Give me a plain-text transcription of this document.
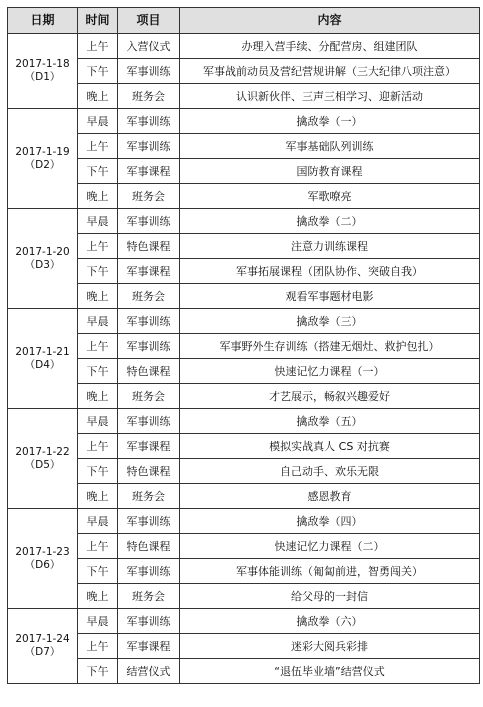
日期	时间	项目	内容

2017-1-18
（D1）	上午	入营仪式	办理入营手续、分配营房、组建团队
	下午	军事训练	军事战前动员及营纪营规讲解（三大纪律八项注意）
	晚上	班务会	认识新伙伴、三声三相学习、迎新活动

2017-1-19
（D2）	早晨	军事训练	擒敌拳（一）
	上午	军事训练	军事基础队列训练
	下午	军事课程	国防教育课程
	晚上	班务会	军歌嘹亮

2017-1-20
（D3）	早晨	军事训练	擒敌拳（二）
	上午	特色课程	注意力训练课程
	下午	军事课程	军事拓展课程（团队协作、突破自我）
	晚上	班务会	观看军事题材电影

2017-1-21
（D4）	早晨	军事训练	擒敌拳（三）
	上午	军事训练	军事野外生存训练（搭建无烟灶、救护包扎）
	下午	特色课程	快速记忆力课程（一）
	晚上	班务会	才艺展示，畅叙兴趣爱好

2017-1-22
（D5）	早晨	军事训练	擒敌拳（五）
	上午	军事课程	模拟实战真人 CS 对抗赛
	下午	特色课程	自己动手、欢乐无限
	晚上	班务会	感恩教育

2017-1-23
（D6）	早晨	军事训练	擒敌拳（四）
	上午	特色课程	快速记忆力课程（二）
	下午	军事训练	军事体能训练（匍匐前进，智勇闯关）
	晚上	班务会	给父母的一封信

2017-1-24
（D7）	早晨	军事训练	擒敌拳（六）
	上午	军事课程	迷彩大阅兵彩排
	下午	结营仪式	“退伍毕业墙”结营仪式
